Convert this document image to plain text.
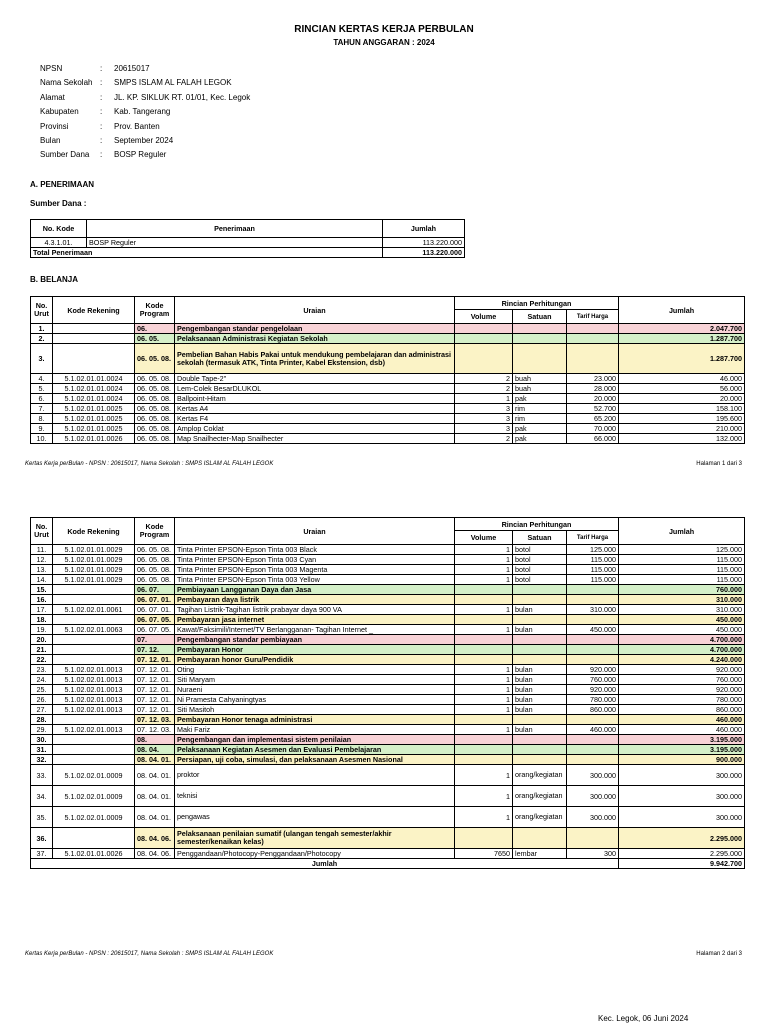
RINCIAN KERTAS KERJA PERBULAN
TAHUN ANGGARAN : 2024
NPSN	:	20615017
Nama Sekolah :	SMPS ISLAM AL FALAH LEGOK
Alamat	:	JL. KP. SIKLUK RT. 01/01, Kec. Legok
Kabupaten	:	Kab. Tangerang
Provinsi	:	Prov. Banten
Bulan	:	September 2024
Sumber Dana	:	BOSP Reguler
A. PENERIMAAN
Sumber Dana :
No. Kode	Penerimaan	Jumlah
4.3.1.01.	BOSP Reguler	113.220.000
Total Penerimaan		113.220.000
B. BELANJA
No. Urut	Kode Rekening	Kode Program	Uraian	Rincian Perhitungan			Jumlah
				Volume	Satuan	Tarif Harga	
1.		06.	Pengembangan standar pengelolaan				2.047.700
2.		06. 05.	Pelaksanaan Administrasi Kegiatan Sekolah				1.287.700
3.		06. 05. 08.	Pembelian Bahan Habis Pakai untuk mendukung pembelajaran dan administrasi sekolah (termasuk ATK, Tinta Printer, Kabel Ekstension, dsb)				1.287.700
4.	5.1.02.01.01.0024	06. 05. 08.	Double Tape-2"	2	buah	23.000	46.000
5.	5.1.02.01.01.0024	06. 05. 08.	Lem-Colek BesarDLUKOL	2	buah	28.000	56.000
6.	5.1.02.01.01.0024	06. 05. 08.	Ballpoint-Hitam	1	pak	20.000	20.000
7.	5.1.02.01.01.0025	06. 05. 08.	Kertas A4	3	rim	52.700	158.100
8.	5.1.02.01.01.0025	06. 05. 08.	Kertas F4	3	rim	65.200	195.600
9.	5.1.02.01.01.0025	06. 05. 08.	Amplop Coklat	3	pak	70.000	210.000
10.	5.1.02.01.01.0026	06. 05. 08.	Map Snailhecter-Map Snailhecter	2	pak	66.000	132.000
Kertas Kerja perBulan - NPSN : 20615017, Nama Sekolah : SMPS ISLAM AL FALAH LEGOK	Halaman 1 dari 3
No. Urut	Kode Rekening	Kode Program	Uraian	Rincian Perhitungan			Jumlah
				Volume	Satuan	Tarif Harga	
11.	5.1.02.01.01.0029	06. 05. 08.	Tinta Printer EPSON-Epson Tinta 003 Black	1	botol	125.000	125.000
12.	5.1.02.01.01.0029	06. 05. 08.	Tinta Printer EPSON-Epson Tinta 003 Cyan	1	botol	115.000	115.000
13.	5.1.02.01.01.0029	06. 05. 08.	Tinta Printer EPSON-Epson Tinta 003 Magenta	1	botol	115.000	115.000
14.	5.1.02.01.01.0029	06. 05. 08.	Tinta Printer EPSON-Epson Tinta 003 Yellow	1	botol	115.000	115.000
15.		06. 07.	Pembiayaan Langganan Daya dan Jasa				760.000
16.		06. 07. 01.	Pembayaran daya listrik				310.000
17.	5.1.02.02.01.0061	06. 07. 01.	Tagihan Listrik-Tagihan listrik prabayar daya 900 VA	1	bulan	310.000	310.000
18.		06. 07. 05.	Pembayaran jasa internet				450.000
19.	5.1.02.02.01.0063	06. 07. 05.	Kawat/Faksimili/Internet/TV Berlangganan- Tagihan Internet _	1	bulan	450.000	450.000
20.		07.	Pengembangan standar pembiayaan				4.700.000
21.		07. 12.	Pembayaran Honor				4.700.000
22.		07. 12. 01.	Pembayaran honor Guru/Pendidik				4.240.000
23.	5.1.02.02.01.0013	07. 12. 01.	Oting	1	bulan	920.000	920.000
24.	5.1.02.02.01.0013	07. 12. 01.	Siti Maryam	1	bulan	760.000	760.000
25.	5.1.02.02.01.0013	07. 12. 01.	Nuraeni	1	bulan	920.000	920.000
26.	5.1.02.02.01.0013	07. 12. 01.	Ni Pramesta Cahyaningtyas	1	bulan	780.000	780.000
27.	5.1.02.02.01.0013	07. 12. 01.	Siti Masitoh	1	bulan	860.000	860.000
28.		07. 12. 03.	Pembayaran Honor tenaga administrasi				460.000
29.	5.1.02.02.01.0013	07. 12. 03.	Maki Fariz	1	bulan	460.000	460.000
30.		08.	Pengembangan dan implementasi sistem penilaian				3.195.000
31.		08. 04.	Pelaksanaan Kegiatan Asesmen dan Evaluasi Pembelajaran				3.195.000
32.		08. 04. 01.	Persiapan, uji coba, simulasi, dan pelaksanaan Asesmen Nasional				900.000
33.	5.1.02.02.01.0009	08. 04. 01.	proktor	1	orang/kegiatan	300.000	300.000
34.	5.1.02.02.01.0009	08. 04. 01.	teknisi	1	orang/kegiatan	300.000	300.000
35.	5.1.02.02.01.0009	08. 04. 01.	pengawas	1	orang/kegiatan	300.000	300.000
36.		08. 04. 06.	Pelaksanaan penilaian sumatif (ulangan tengah semester/akhir semester/kenaikan kelas)				2.295.000
37.	5.1.02.01.01.0026	08. 04. 06.	Penggandaan/Photocopy-Penggandaan/Photocopy	7650	lembar	300	2.295.000
Jumlah							9.942.700
Kertas Kerja perBulan - NPSN : 20615017, Nama Sekolah : SMPS ISLAM AL FALAH LEGOK	Halaman 2 dari 3
Kec. Legok, 06 Juni 2024
